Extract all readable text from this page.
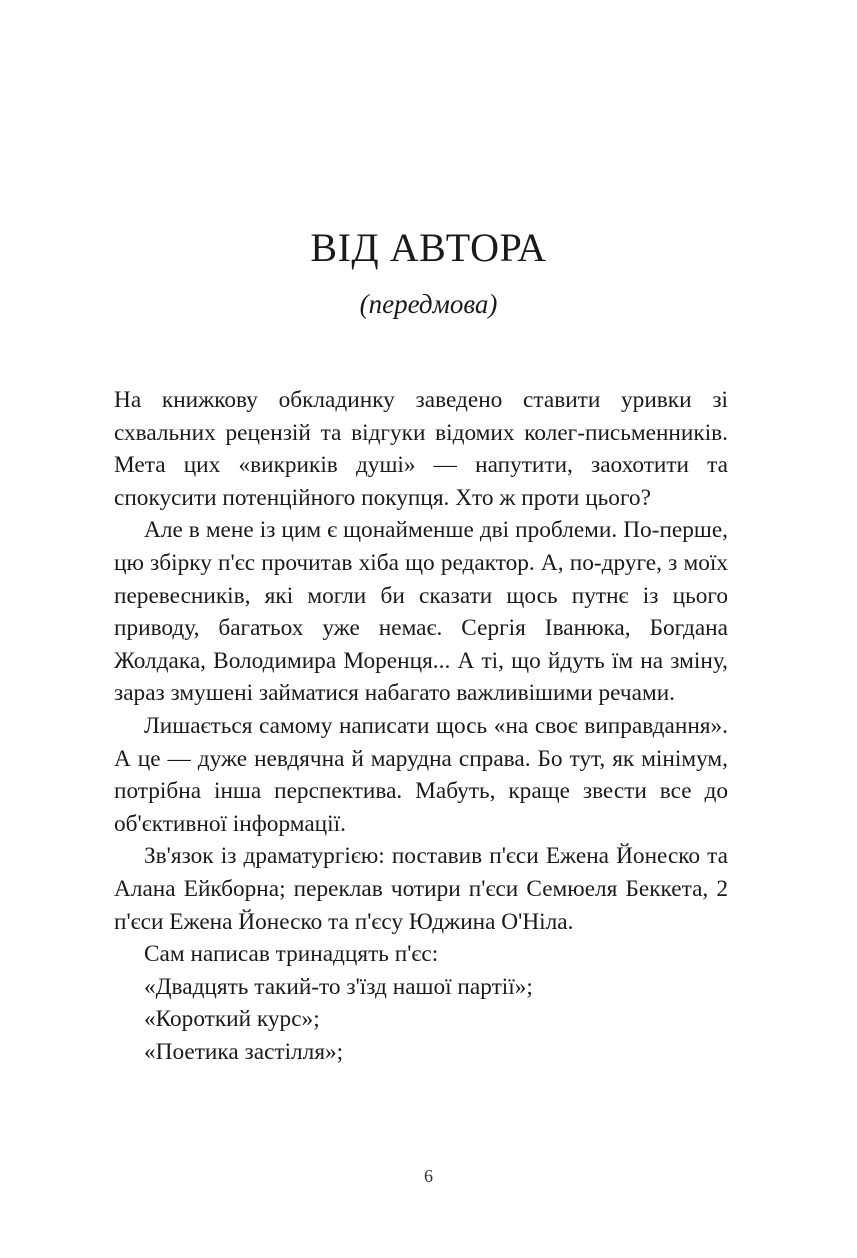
ВІД АВТОРА
(передмова)

На книжкову обкладинку заведено ставити уривки зі схвальних рецензій та відгуки відомих колег-письменників. Мета цих «викриків душі» — напутити, заохотити та спокусити потенційного покупця. Хто ж проти цього?

Але в мене із цим є щонайменше дві проблеми. По-перше, цю збірку п'єс прочитав хіба що редактор. А, по-друге, з моїх перевесників, які могли би сказати щось путнє із цього приводу, багатьох уже немає. Сергія Іванюка, Богдана Жолдака, Володимира Моренця... А ті, що йдуть їм на зміну, зараз змушені займатися набагато важливішими речами.

Лишається самому написати щось «на своє виправдання». А це — дуже невдячна й марудна справа. Бо тут, як мінімум, потрібна інша перспектива. Мабуть, краще звести все до об'єктивної інформації.

Зв'язок із драматургією: поставив п'єси Ежена Йонеско та Алана Ейкборна; переклав чотири п'єси Семюеля Беккета, 2 п'єси Ежена Йонеско та п'єсу Юджина О'Ніла.

Сам написав тринадцять п'єс:

«Двадцять такий-то з'їзд нашої партії»;

«Короткий курс»;

«Поетика застілля»;

6
